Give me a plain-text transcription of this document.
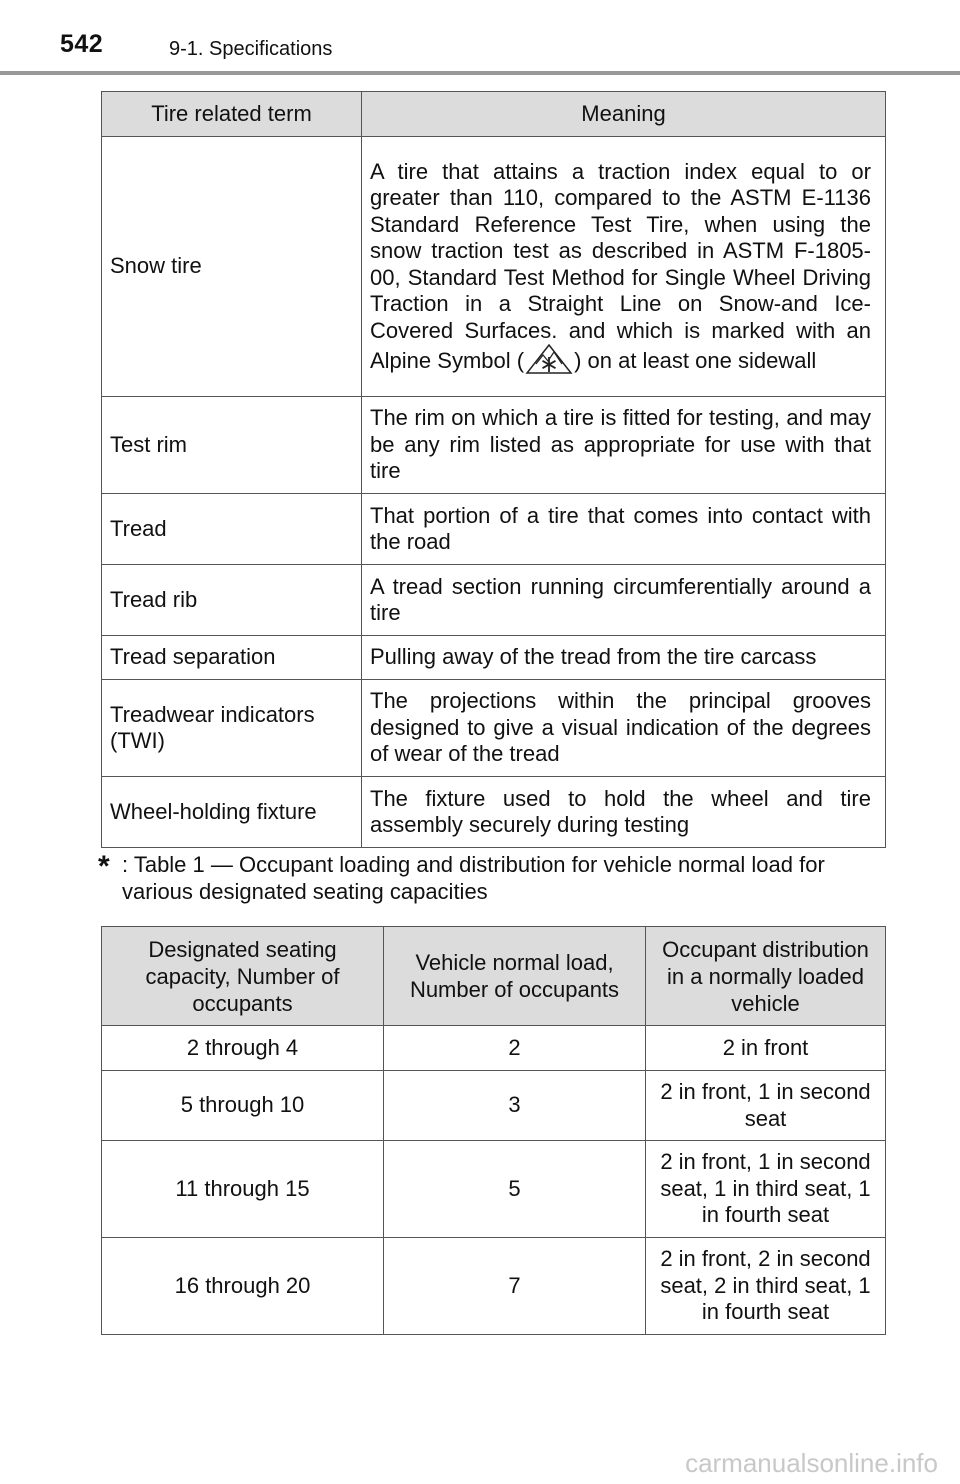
542	9-1. Specifications
Tire related term	Meaning
Snow tire	A tire that attains a traction index equal to or greater than 110, compared to the ASTM E-1136 Standard Reference Test Tire, when using the snow traction test as described in ASTM F-1805-00, Standard Test Method for Single Wheel Driving Traction in a Straight Line on Snow-and Ice-Covered Surfaces. and which is marked with an Alpine Symbol ( ) on at least one sidewall
Test rim	The rim on which a tire is fitted for testing, and may be any rim listed as appropriate for use with that tire
Tread	That portion of a tire that comes into contact with the road
Tread rib	A tread section running circumferentially around a tire
Tread separation	Pulling away of the tread from the tire carcass
Treadwear indicators
(TWI)	The projections within the principal grooves designed to give a visual indication of the degrees of wear of the tread
Wheel-holding fixture	The fixture used to hold the wheel and tire assembly securely during testing
* : Table 1 — Occupant loading and distribution for vehicle normal load for various designated seating capacities
Designated seating capacity, Number of occupants	Vehicle normal load, Number of occupants	Occupant distribution in a normally loaded vehicle
2 through 4	2	2 in front
5 through 10	3	2 in front, 1 in second seat
11 through 15	5	2 in front, 1 in second seat, 1 in third seat, 1 in fourth seat
16 through 20	7	2 in front, 2 in second seat, 2 in third seat, 1 in fourth seat
carmanualsonline.info
